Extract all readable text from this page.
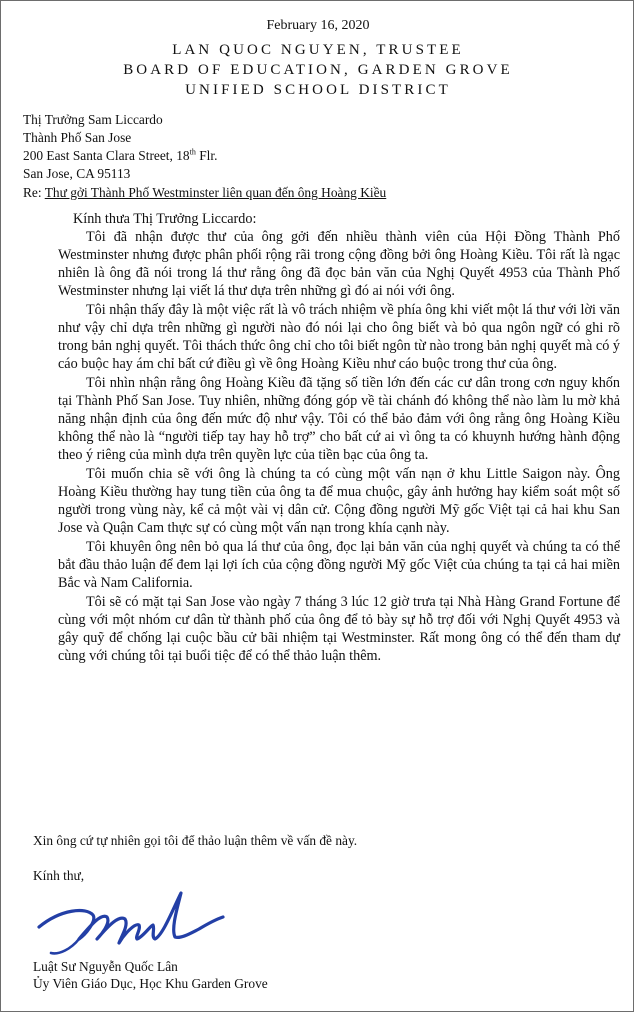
February 16, 2020
LAN QUOC NGUYEN, TRUSTEE
BOARD OF EDUCATION, GARDEN GROVE
UNIFIED SCHOOL DISTRICT
Thị Trưởng Sam Liccardo
Thành Phố San Jose
200 East Santa Clara Street, 18th Flr.
San Jose, CA 95113
Re: Thư gởi Thành Phố Westminster liên quan đến ông Hoàng Kiều
Kính thưa Thị Trưởng Liccardo:

Tôi đã nhận được thư của ông gởi đến nhiều thành viên của Hội Đồng Thành Phố Westminster nhưng được phân phối rộng rãi trong cộng đồng bởi ông Hoàng Kiều. Tôi rất là ngạc nhiên là ông đã nói trong lá thư rằng ông đã đọc bản văn của Nghị Quyết 4953 của Thành Phố Westminster nhưng lại viết lá thư dựa trên những gì đó ai nói với ông.

Tôi nhận thấy đây là một việc rất là vô trách nhiệm về phía ông khi viết một lá thư với lời văn như vậy chỉ dựa trên những gì người nào đó nói lại cho ông biết và bỏ qua ngôn ngữ có ghi rõ trong bản nghị quyết. Tôi thách thức ông chỉ cho tôi biết ngôn từ nào trong bản nghị quyết mà có ý cáo buộc hay ám chỉ bất cứ điều gì về ông Hoàng Kiều như cáo buộc trong thư của ông.

Tôi nhìn nhận rằng ông Hoàng Kiều đã tặng số tiền lớn đến các cư dân trong cơn nguy khốn tại Thành Phố San Jose. Tuy nhiên, những đóng góp về tài chánh đó không thể nào làm lu mờ khả năng nhận định của ông đến mức độ như vậy. Tôi có thể bảo đảm với ông rằng ông Hoàng Kiều không thể nào là “người tiếp tay hay hỗ trợ” cho bất cứ ai vì ông ta có khuynh hướng hành động theo ý riêng của mình dựa trên quyền lực của tiền bạc của ông ta.

Tôi muốn chia sẽ với ông là chúng ta có cùng một vấn nạn ở khu Little Saigon này. Ông Hoàng Kiều thường hay tung tiền của ông ta để mua chuộc, gây ảnh hưởng hay kiểm soát một số người trong vùng này, kể cả một vài vị dân cử. Cộng đồng người Mỹ gốc Việt tại cả hai khu San Jose và Quận Cam thực sự có cùng một vấn nạn trong khía cạnh này.

Tôi khuyên ông nên bỏ qua lá thư của ông, đọc lại bản văn của nghị quyết và chúng ta có thể bắt đầu thảo luận để đem lại lợi ích của cộng đồng người Mỹ gốc Việt của chúng ta tại cả hai miền Bắc và Nam California.

Tôi sẽ có mặt tại San Jose vào ngày 7 tháng 3 lúc 12 giờ trưa tại Nhà Hàng Grand Fortune để cùng với một nhóm cư dân từ thành phố của ông để tỏ bày sự hỗ trợ đối với Nghị Quyết 4953 và gây quỹ để chống lại cuộc bầu cử bãi nhiệm tại Westminster. Rất mong ông có thể đến tham dự cùng với chúng tôi tại buổi tiệc để có thể thảo luận thêm.

Xin ông cứ tự nhiên gọi tôi để thảo luận thêm về vấn đề này.
Kính thư,
Luật Sư Nguyễn Quốc Lân
Ủy Viên Giáo Dục, Học Khu Garden Grove
